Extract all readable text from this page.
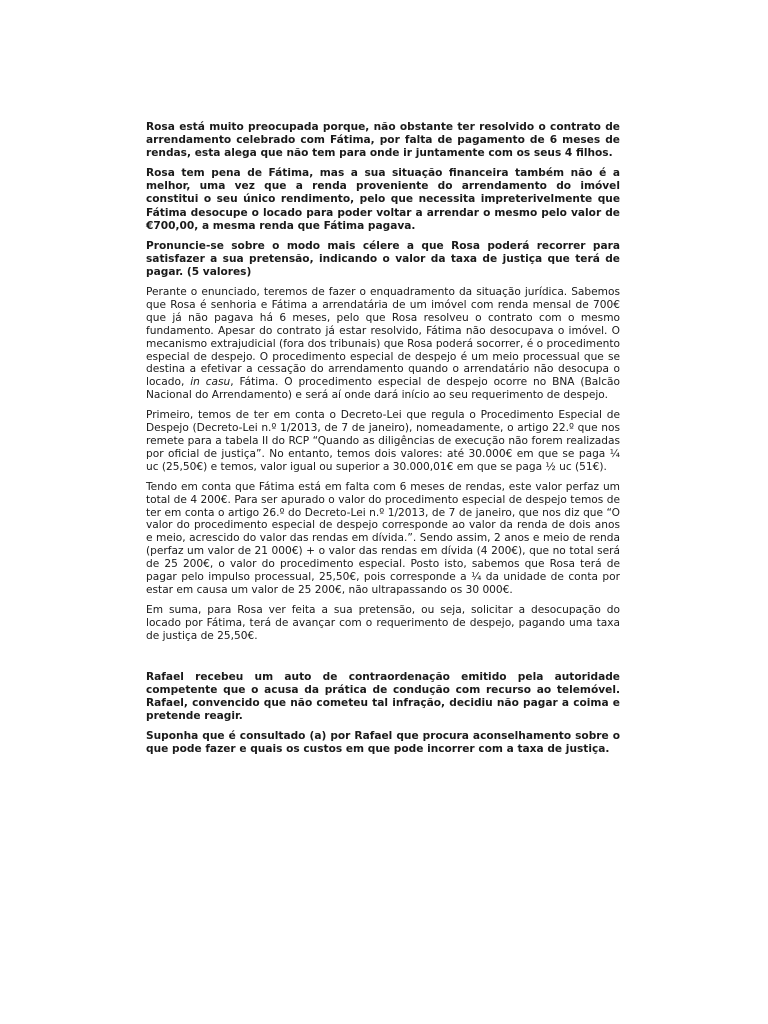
Rosa está muito preocupada porque, não obstante ter resolvido o contrato de arrendamento celebrado com Fátima, por falta de pagamento de 6 meses de rendas, esta alega que não tem para onde ir juntamente com os seus 4 filhos.

Rosa tem pena de Fátima, mas a sua situação financeira também não é a melhor, uma vez que a renda proveniente do arrendamento do imóvel constitui o seu único rendimento, pelo que necessita impreterivelmente que Fátima desocupe o locado para poder voltar a arrendar o mesmo pelo valor de €700,00, a mesma renda que Fátima pagava.

Pronuncie-se sobre o modo mais célere a que Rosa poderá recorrer para satisfazer a sua pretensão, indicando o valor da taxa de justiça que terá de pagar. (5 valores)

Perante o enunciado, teremos de fazer o enquadramento da situação jurídica. Sabemos que Rosa é senhoria e Fátima a arrendatária de um imóvel com renda mensal de 700€ que já não pagava há 6 meses, pelo que Rosa resolveu o contrato com o mesmo fundamento. Apesar do contrato já estar resolvido, Fátima não desocupava o imóvel. O mecanismo extrajudicial (fora dos tribunais) que Rosa poderá socorrer, é o procedimento especial de despejo. O procedimento especial de despejo é um meio processual que se destina a efetivar a cessação do arrendamento quando o arrendatário não desocupa o locado, in casu, Fátima. O procedimento especial de despejo ocorre no BNA (Balcão Nacional do Arrendamento) e será aí onde dará início ao seu requerimento de despejo.

Primeiro, temos de ter em conta o Decreto-Lei que regula o Procedimento Especial de Despejo (Decreto-Lei n.º 1/2013, de 7 de janeiro), nomeadamente, o artigo 22.º que nos remete para a tabela II do RCP “Quando as diligências de execução não forem realizadas por oficial de justiça”. No entanto, temos dois valores: até 30.000€ em que se paga ¼ uc (25,50€) e temos, valor igual ou superior a 30.000,01€ em que se paga ½ uc (51€).

Tendo em conta que Fátima está em falta com 6 meses de rendas, este valor perfaz um total de 4 200€. Para ser apurado o valor do procedimento especial de despejo temos de ter em conta o artigo 26.º do Decreto-Lei n.º 1/2013, de 7 de janeiro, que nos diz que “O valor do procedimento especial de despejo corresponde ao valor da renda de dois anos e meio, acrescido do valor das rendas em dívida.”. Sendo assim, 2 anos e meio de renda (perfaz um valor de 21 000€) + o valor das rendas em dívida (4 200€), que no total será de 25 200€, o valor do procedimento especial. Posto isto, sabemos que Rosa terá de pagar pelo impulso processual, 25,50€, pois corresponde a ¼ da unidade de conta por estar em causa um valor de 25 200€, não ultrapassando os 30 000€.

Em suma, para Rosa ver feita a sua pretensão, ou seja, solicitar a desocupação do locado por Fátima, terá de avançar com o requerimento de despejo, pagando uma taxa de justiça de 25,50€.

Rafael recebeu um auto de contraordenação emitido pela autoridade competente que o acusa da prática de condução com recurso ao telemóvel. Rafael, convencido que não cometeu tal infração, decidiu não pagar a coima e pretende reagir.

Suponha que é consultado (a) por Rafael que procura aconselhamento sobre o que pode fazer e quais os custos em que pode incorrer com a taxa de justiça.
